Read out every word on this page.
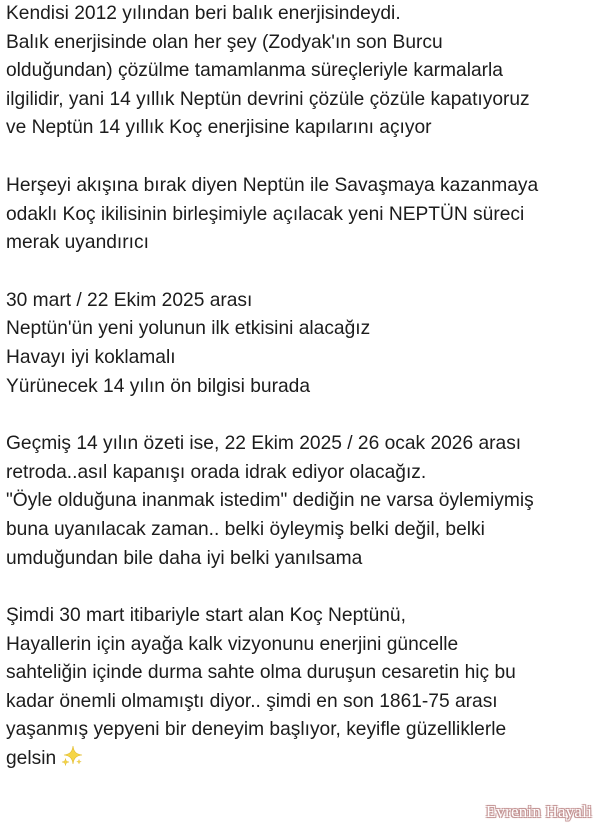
Kendisi 2012 yılından beri balık enerjisindeydi.
Balık enerjisinde olan her şey (Zodyak'ın son Burcu
olduğundan) çözülme tamamlanma süreçleriyle karmalarla
ilgilidir, yani 14 yıllık Neptün devrini çözüle çözüle kapatıyoruz
ve Neptün 14 yıllık Koç enerjisine kapılarını açıyor
Herşeyi akışına bırak diyen Neptün ile Savaşmaya kazanmaya
odaklı Koç ikilisinin birleşimiyle açılacak yeni NEPTÜN süreci
merak uyandırıcı
30 mart / 22 Ekim 2025 arası
Neptün'ün yeni yolunun ilk etkisini alacağız
Havayı iyi koklamalı
Yürünecek 14 yılın ön bilgisi burada
Geçmiş 14 yılın özeti ise, 22 Ekim 2025 / 26 ocak 2026 arası
retroda..asıl kapanışı orada idrak ediyor olacağız.
"Öyle olduğuna inanmak istedim" dediğin ne varsa öylemiymiş
buna uyanılacak zaman.. belki öyleymiş belki değil, belki
umduğundan bile daha iyi belki yanılsama
Şimdi 30 mart itibariyle start alan Koç Neptünü,
Hayallerin için ayağa kalk vizyonunu enerjini güncelle
sahteliğin içinde durma sahte olma duruşun cesaretin hiç bu
kadar önemli olmamıştı diyor.. şimdi en son 1861-75 arası
yaşanmış yepyeni bir deneyim başlıyor, keyifle güzelliklerle
gelsin
Evrenin Hayali
